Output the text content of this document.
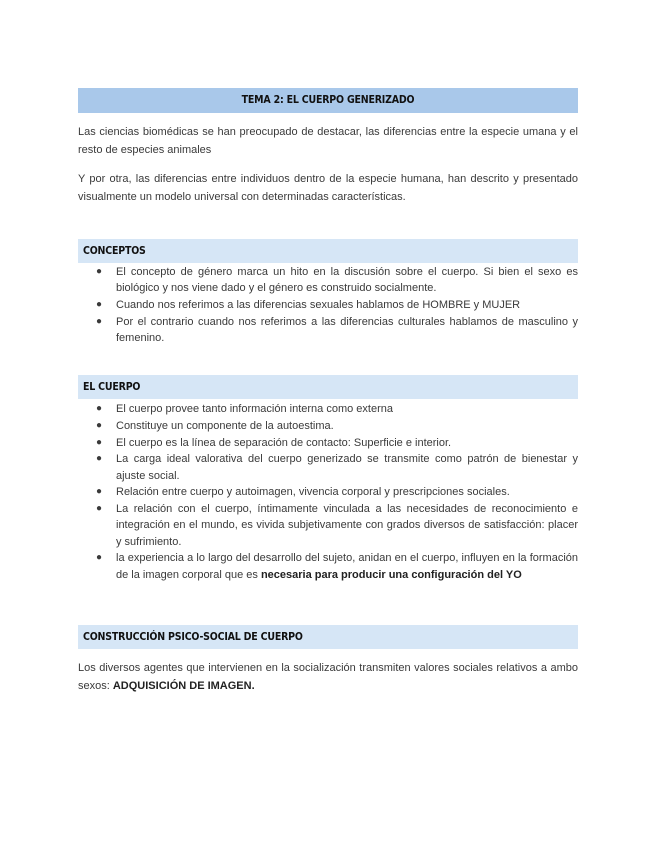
TEMA 2: EL CUERPO GENERIZADO

Las ciencias biomédicas se han preocupado de destacar, las diferencias entre la especie umana y el resto de especies animales

Y por otra, las diferencias entre individuos dentro de la especie humana, han descrito y presentado visualmente un modelo universal con determinadas características.

CONCEPTOS
● El concepto de género marca un hito en la discusión sobre el cuerpo. Si bien el sexo es biológico y nos viene dado y el género es construido socialmente.
● Cuando nos referimos a las diferencias sexuales hablamos de HOMBRE y MUJER
● Por el contrario cuando nos referimos a las diferencias culturales hablamos de masculino y femenino.
EL CUERPO
● El cuerpo provee tanto información interna como externa
● Constituye un componente de la autoestima.
● El cuerpo es la línea de separación de contacto: Superficie e interior.
● La carga ideal valorativa del cuerpo generizado se transmite como patrón de bienestar y ajuste social.
● Relación entre cuerpo y autoimagen, vivencia corporal y prescripciones sociales.
● La relación con el cuerpo, íntimamente vinculada a las necesidades de reconocimiento e integración en el mundo, es vivida subjetivamente con grados diversos de satisfacción: placer y sufrimiento.
● la experiencia a lo largo del desarrollo del sujeto, anidan en el cuerpo, influyen en la formación de la imagen corporal que es necesaria para producir una configuración del YO
CONSTRUCCIÓN PSICO-SOCIAL DE CUERPO

Los diversos agentes que intervienen en la socialización transmiten valores sociales relativos a ambo sexos: ADQUISICIÓN DE IMAGEN.
